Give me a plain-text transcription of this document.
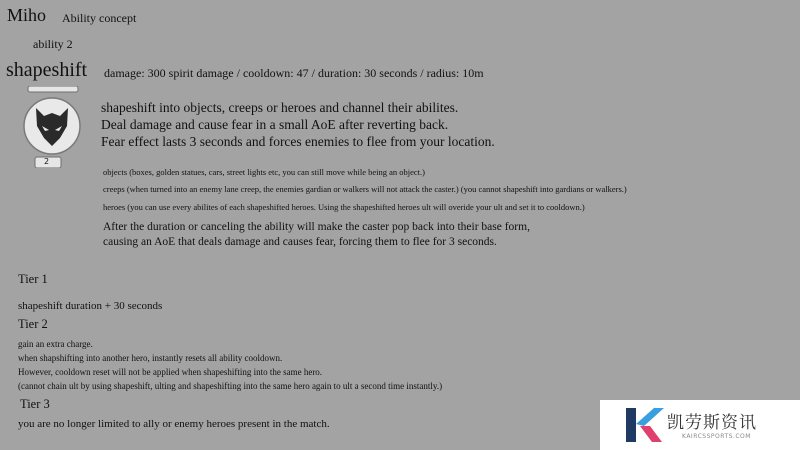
Miho Ability concept
ability 2
shapeshift damage: 300 spirit damage / cooldown: 47 / duration: 30 seconds / radius: 10m
2
shapeshift into objects, creeps or heroes and channel their abilites.
Deal damage and cause fear in a small AoE after reverting back.
Fear effect lasts 3 seconds and forces enemies to flee from your location.
objects (boxes, golden statues, cars, street lights etc, you can still move while being an object.)
creeps (when turned into an enemy lane creep, the enemies gardian or walkers will not attack the caster.) (you cannot shapeshift into gardians or walkers.)
heroes (you can use every abilites of each shapeshifted heroes. Using the shapeshifted heroes ult will overide your ult and set it to cooldown.)
After the duration or canceling the ability will make the caster pop back into their base form,
causing an AoE that deals damage and causes fear, forcing them to flee for 3 seconds.
Tier 1
shapeshift duration + 30 seconds
Tier 2
gain an extra charge.
when shapshifting into another hero, instantly resets all ability cooldown.
However, cooldown reset will not be applied when shapeshifting into the same hero.
(cannot chain ult by using shapeshift, ulting and shapeshifting into the same hero again to ult a second time instantly.)
Tier 3
you are no longer limited to ally or enemy heroes present in the match.	凯劳斯资讯
KAIRCSSPORTS.COM
